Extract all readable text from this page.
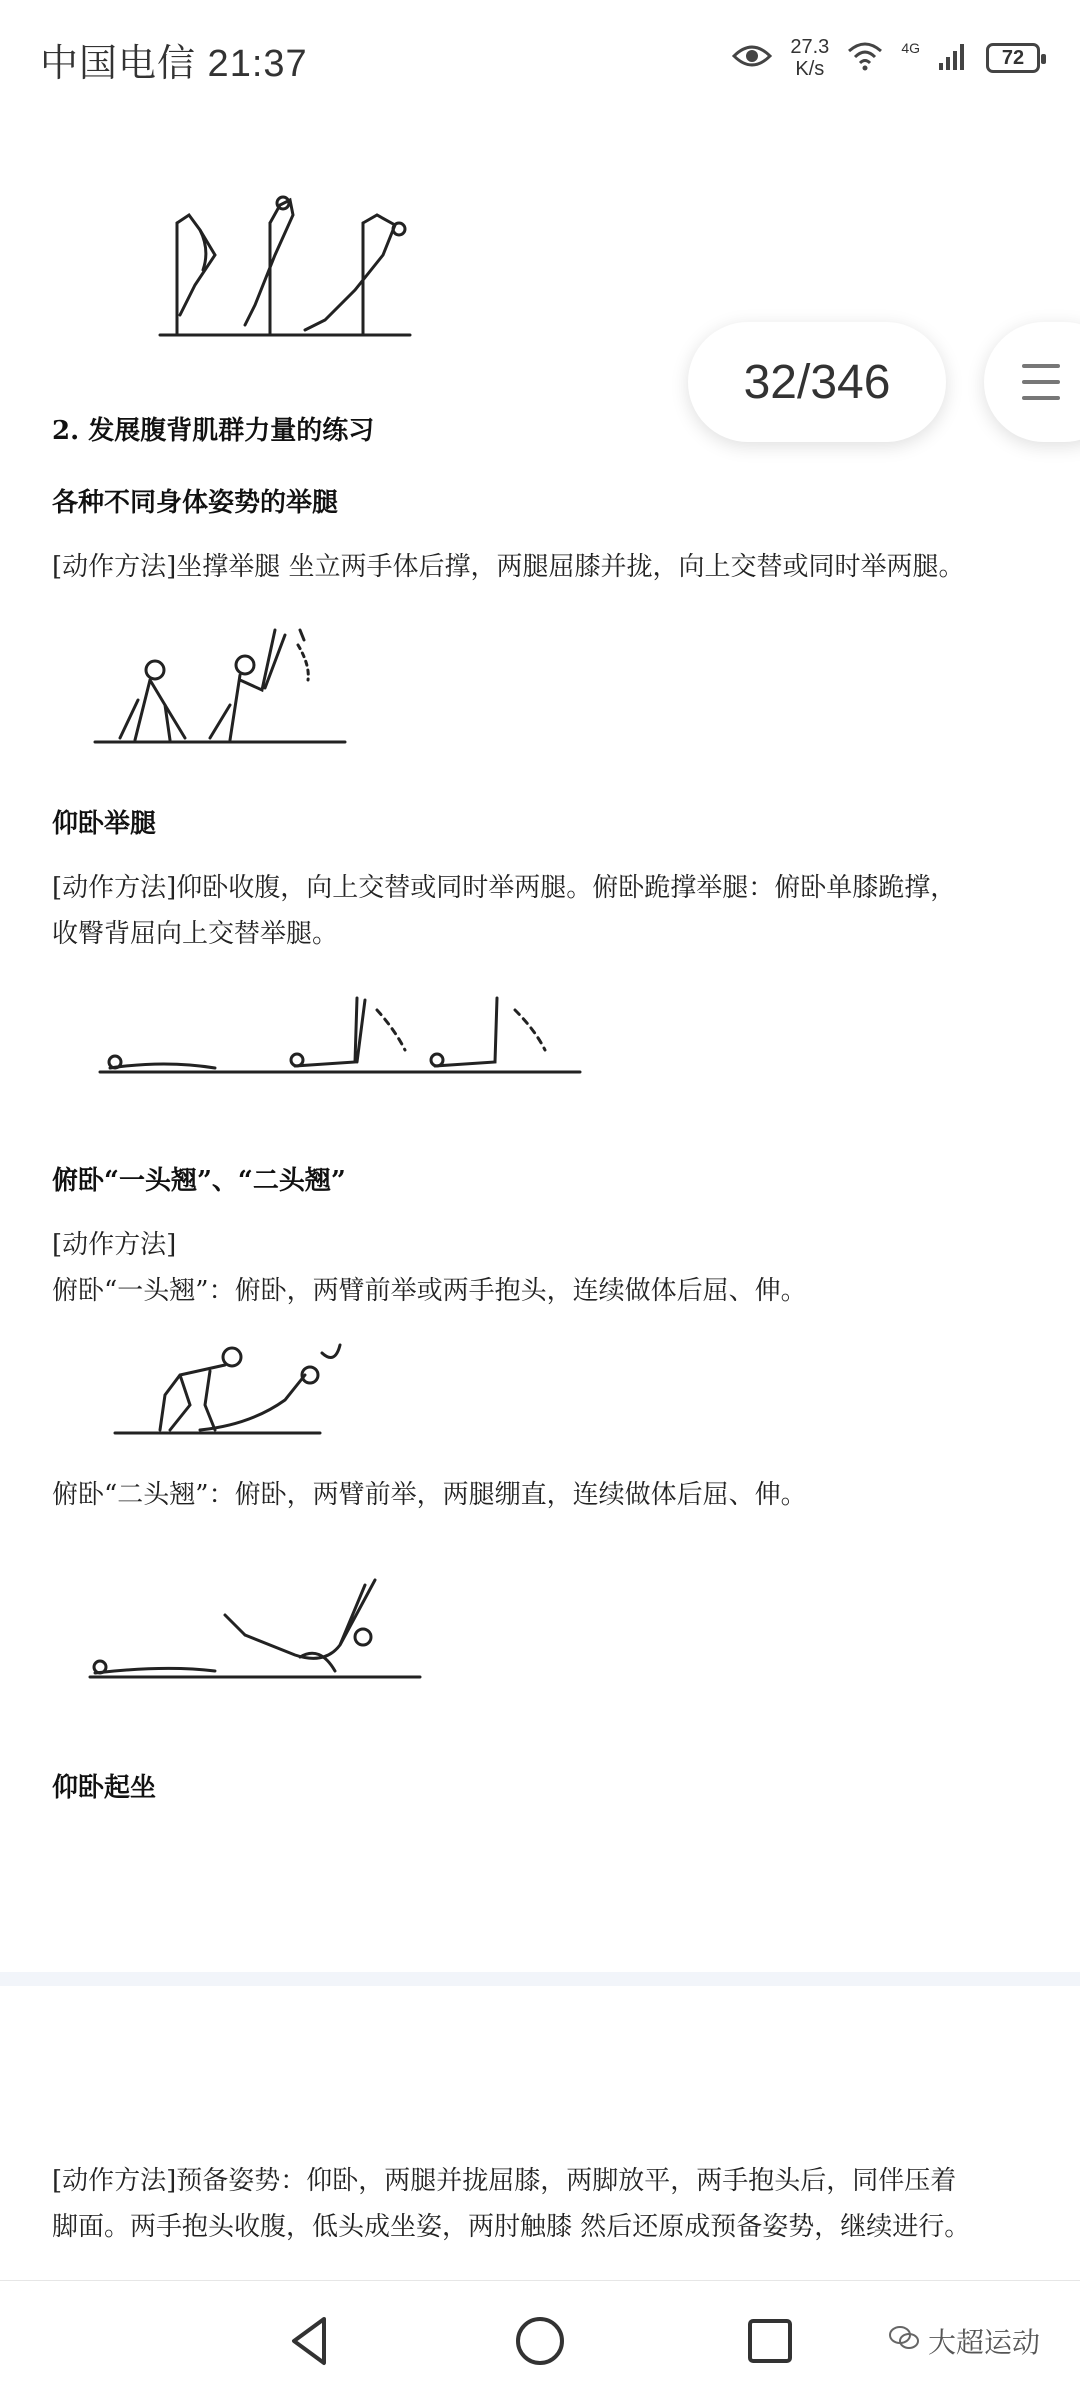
中国电信 21:37	27.3
K/s
4G	72
32/346
2. 发展腹背肌群力量的练习
各种不同身体姿势的举腿
[动作方法]坐撑举腿 坐立两手体后撑，两腿屈膝并拢，向上交替或同时举两腿。
仰卧举腿
[动作方法]仰卧收腹，向上交替或同时举两腿。俯卧跪撑举腿：俯卧单膝跪撑，
收臀背屈向上交替举腿。
俯卧“一头翘”、“二头翘”
[动作方法]
俯卧“一头翘”：俯卧，两臂前举或两手抱头，连续做体后屈、伸。
俯卧“二头翘”：俯卧，两臂前举，两腿绷直，连续做体后屈、伸。
仰卧起坐
[动作方法]预备姿势：仰卧，两腿并拢屈膝，两脚放平，两手抱头后，同伴压着
脚面。两手抱头收腹，低头成坐姿，两肘触膝 然后还原成预备姿势，继续进行。
大超运动
